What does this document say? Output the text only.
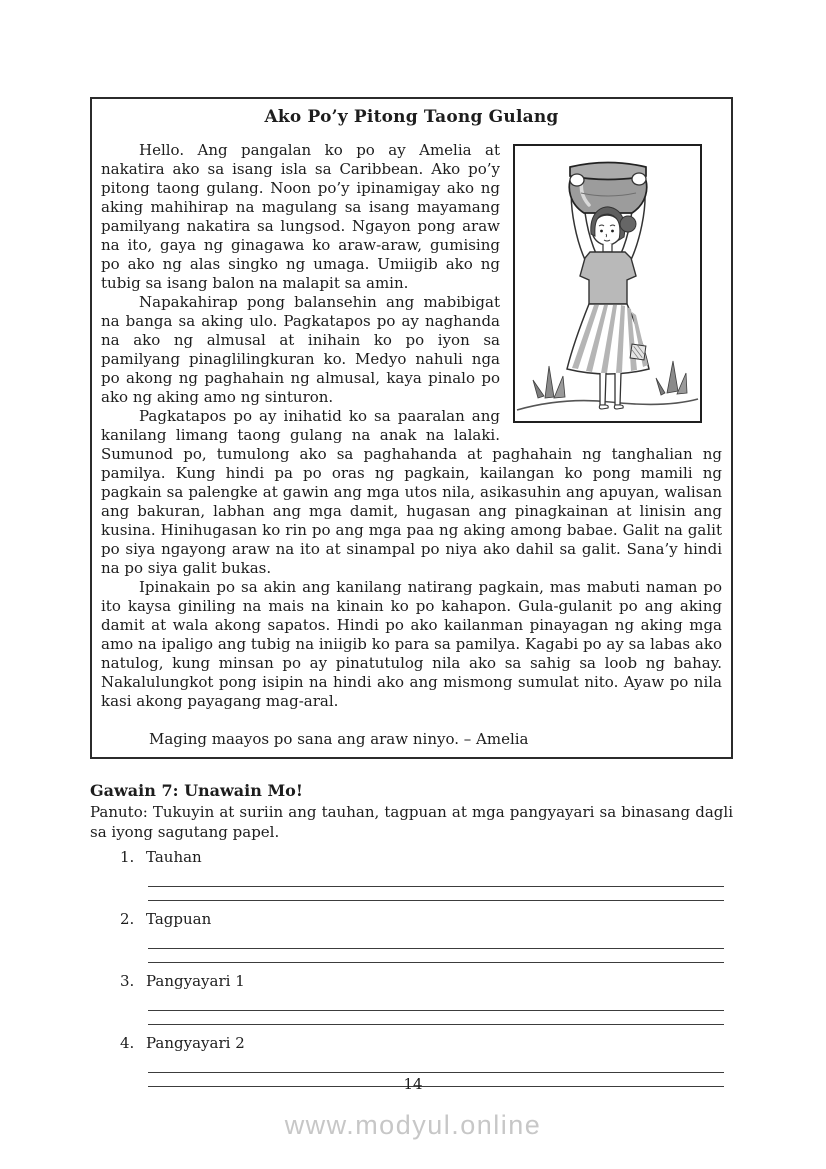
Ako Po’y Pitong Taong Gulang

Hello. Ang pangalan ko po ay Amelia at nakatira ako sa isang isla sa Caribbean. Ako po’y pitong taong gulang. Noon po’y ipinamigay ako ng aking mahihirap na magulang sa isang mayamang pamilyang nakatira sa lungsod. Ngayon pong araw na ito, gaya ng ginagawa ko araw-araw, gumising po ako ng alas singko ng umaga. Umiigib ako ng tubig sa isang balon na malapit sa amin.

Napakahirap pong balansehin ang mabibigat na banga sa aking ulo. Pagkatapos po ay naghanda na ako ng almusal at inihain ko po iyon sa pamilyang pinaglilingkuran ko. Medyo nahuli nga po akong ng paghahain ng almusal, kaya pinalo po ako ng aking amo ng sinturon.

Pagkatapos po ay inihatid ko sa paaralan ang kanilang limang taong gulang na anak na lalaki. Sumunod po, tumulong ako sa paghahanda at paghahain ng tanghalian ng pamilya. Kung hindi pa po oras ng pagkain, kailangan ko pong mamili ng pagkain sa palengke at gawin ang mga utos nila, asikasuhin ang apuyan, walisan ang bakuran, labhan ang mga damit, hugasan ang pinagkainan at linisin ang kusina. Hinihugasan ko rin po ang mga paa ng aking among babae. Galit na galit po siya ngayong araw na ito at sinampal po niya ako dahil sa galit. Sana’y hindi na po siya galit bukas.

Ipinakain po sa akin ang kanilang natirang pagkain, mas mabuti naman po ito kaysa giniling na mais na kinain ko po kahapon. Gula-gulanit po ang aking damit at wala akong sapatos. Hindi po ako kailanman pinayagan ng aking mga amo na ipaligo ang tubig na iniigib ko para sa pamilya. Kagabi po ay sa labas ako natulog, kung minsan po ay pinatutulog nila ako sa sahig sa loob ng bahay. Nakalulungkot pong isipin na hindi ako ang mismong sumulat nito. Ayaw po nila kasi akong payagang mag-aral.

Maging maayos po sana ang araw ninyo. – Amelia

Gawain 7: Unawain Mo!
Panuto: Tukuyin at suriin ang tauhan, tagpuan at mga pangyayari sa binasang dagli sa iyong sagutang papel.
1. Tauhan
2. Tagpuan
3. Pangyayari 1
4. Pangyayari 2
14
www.modyul.online
